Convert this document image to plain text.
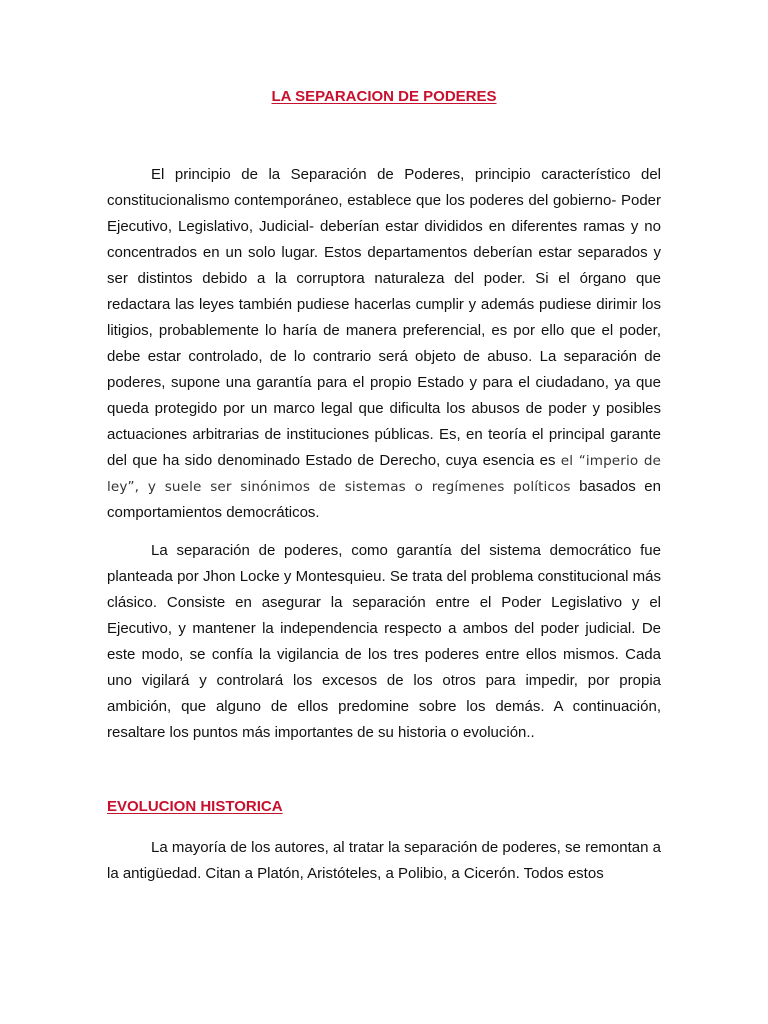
LA SEPARACION DE PODERES
El principio de la Separación de Poderes, principio característico del constitucionalismo contemporáneo, establece que los poderes del gobierno- Poder Ejecutivo, Legislativo, Judicial- deberían estar divididos en diferentes ramas y no concentrados en un solo lugar. Estos departamentos deberían estar separados y ser distintos debido a la corruptora naturaleza del poder. Si el órgano que redactara las leyes también pudiese hacerlas cumplir y además pudiese dirimir los litigios, probablemente lo haría de manera preferencial, es por ello que el poder, debe estar controlado, de lo contrario será objeto de abuso. La separación de poderes, supone una garantía para el propio Estado y para el ciudadano, ya que queda protegido por un marco legal que dificulta los abusos de poder y posibles actuaciones arbitrarias de instituciones públicas. Es, en teoría el principal garante del que ha sido denominado Estado de Derecho, cuya esencia es el “imperio de ley”, y suele ser sinónimos de sistemas o regímenes políticos basados en comportamientos democráticos.
La separación de poderes, como garantía del sistema democrático fue planteada por Jhon Locke y Montesquieu. Se trata del problema constitucional más clásico. Consiste en asegurar la separación entre el Poder Legislativo y el Ejecutivo, y mantener la independencia respecto a ambos del poder judicial. De este modo, se confía la vigilancia de los tres poderes entre ellos mismos. Cada uno vigilará y controlará los excesos de los otros para impedir, por propia ambición, que alguno de ellos predomine sobre los demás. A continuación, resaltare los puntos más importantes de su historia o evolución..
EVOLUCION HISTORICA
La mayoría de los autores, al tratar la separación de poderes, se remontan a la antigüedad. Citan a Platón, Aristóteles, a Polibio, a Cicerón. Todos estos
